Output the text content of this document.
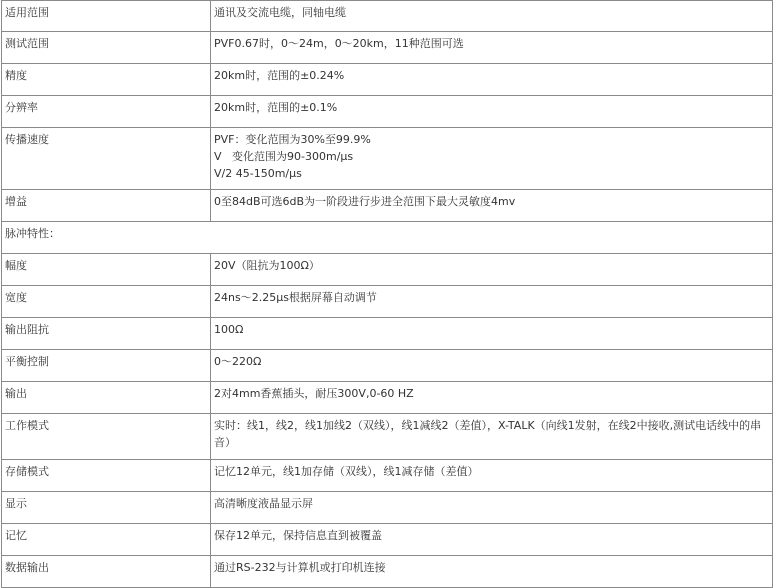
适用范围	通讯及交流电缆，同轴电缆

测试范围	PVF0.67时，0～24m，0～20km，11种范围可选

精度	20km时，范围的±0.24%

分辨率	20km时，范围的±0.1%

传播速度	PVF：变化范围为30%至99.9%
V   变化范围为90-300m/μs
V/2 45-150m/μs

增益	0至84dB可选6dB为一阶段进行步进全范围下最大灵敏度4mv

脉冲特性：	
幅度	20V（阻抗为100Ω）

宽度	24ns～2.25μs根据屏幕自动调节

输出阻抗	100Ω

平衡控制	0～220Ω

输出	2对4mm香蕉插头，耐压300V,0-60 HZ

工作模式	实时：线1，线2，线1加线2（双线），线1减线2（差值），X-TALK（向线1发射，在线2中接收,测试电话线中的串音）

存储模式	记忆12单元，线1加存储（双线），线1减存储（差值）

显示	高清晰度液晶显示屏

记忆	保存12单元，保持信息直到被覆盖

数据输出	通过RS-232与计算机或打印机连接
